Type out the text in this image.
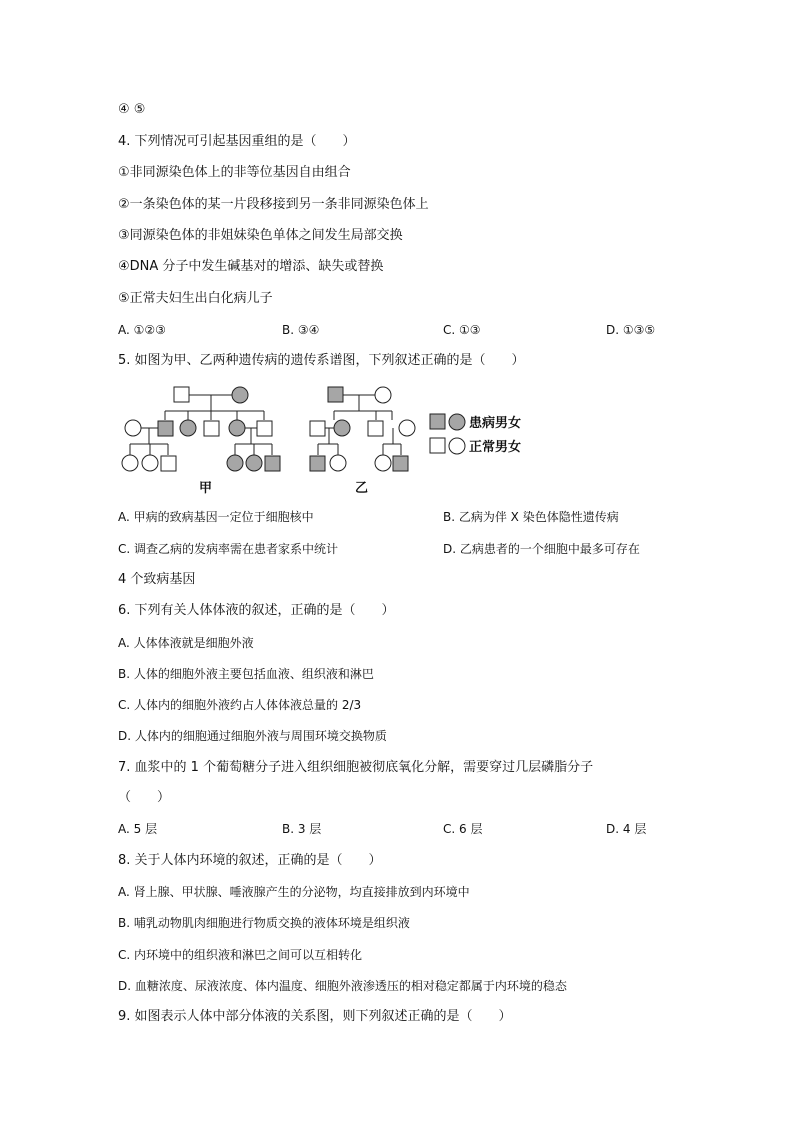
④ ⑤
4. 下列情况可引起基因重组的是（　　）
①非同源染色体上的非等位基因自由组合
②一条染色体的某一片段移接到另一条非同源染色体上
③同源染色体的非姐妹染色单体之间发生局部交换
④DNA 分子中发生碱基对的增添、缺失或替换
⑤正常夫妇生出白化病儿子
A. ①②③	B. ③④	C. ①③	D. ①③⑤
5. 如图为甲、乙两种遗传病的遗传系谱图，下列叙述正确的是（　　）
患病男女
正常男女
甲	乙
A. 甲病的致病基因一定位于细胞核中	B. 乙病为伴 X 染色体隐性遗传病
C. 调查乙病的发病率需在患者家系中统计	D. 乙病患者的一个细胞中最多可存在
4 个致病基因
6. 下列有关人体体液的叙述，正确的是（　　）
A. 人体体液就是细胞外液
B. 人体的细胞外液主要包括血液、组织液和淋巴
C. 人体内的细胞外液约占人体体液总量的 2/3
D. 人体内的细胞通过细胞外液与周围环境交换物质
7. 血浆中的 1 个葡萄糖分子进入组织细胞被彻底氧化分解，需要穿过几层磷脂分子
（　　）
A. 5 层	B. 3 层	C. 6 层	D. 4 层
8. 关于人体内环境的叙述，正确的是（　　）
A. 肾上腺、甲状腺、唾液腺产生的分泌物，均直接排放到内环境中
B. 哺乳动物肌肉细胞进行物质交换的液体环境是组织液
C. 内环境中的组织液和淋巴之间可以互相转化
D. 血糖浓度、尿液浓度、体内温度、细胞外液渗透压的相对稳定都属于内环境的稳态
9. 如图表示人体中部分体液的关系图，则下列叙述正确的是（　　）
